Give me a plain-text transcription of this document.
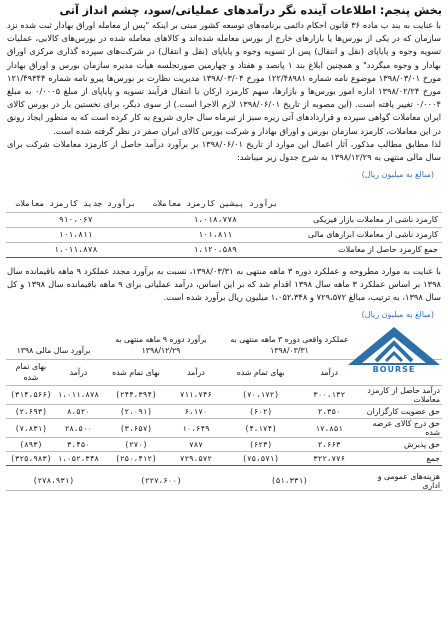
بخش پنجم: اطلاعات آینده نگر درآمدهای عملیاتی/سود، چشم انداز آتی

با عنایت به بند ب ماده ۳۶ قانون احکام دائمی برنامه‌های توسعه کشور مبنی بر اینکه "پس از معامله اوراق بهادار ثبت شده نزد سازمان که در یکی از بورس‌ها یا بازارهای خارج از بورس معامله شده‌اند و کالاهای معامله شده در بورس‌های کالایی، عملیات تسویه وجوه و پایاپای (نقل و انتقال) پس از تسویه وجوه و پایاپای (نقل و انتقال) در شرکت‌های سپرده گذاری مرکزی اوراق بهادار و وجوه میگردد" و همچنین ابلاغ بند ۱ پانصد و هفتاد و چهارمین صورتجلسه هیأت مدیره سازمان بورس و اوراق بهادار مورخ ۱۳۹۸/۰۳/۰۱ موضوع نامه شماره ۱۲۲/۴۸۹۸۱ مورخ ۱۳۹۸/۰۳/۰۴ مدیریت نظارت بر بورس‌ها پیرو نامه شماره ۱۲۱/۴۹۳۴۴ مورخ ۱۳۹۸/۰۲/۲۴ اداره امور بورس‌ها و بازارها، سهم کارمزد ارکان با انتقال فرآیند تسویه و پایاپای از مبلغ ۰/۰۰۰۵ به مبلغ ۰/۰۰۰۴ تغییر یافته است. (این مصوبه از تاریخ ۱۳۹۸/۰۶/۰۱ لازم الاجرا است.) از سوی دیگر، برای نخستین بار در بورس کالای ایران معاملات گواهی سپرده و قراردادهای آتی زیره سبز از تیرماه سال جاری شروع به کار کرده است که به منظور ایجاد رونق در این معاملات، کارمزد سازمان بورس و اوراق بهادار و شرکت بورس کالای ایران صفر در نظر گرفته شده است.

لذا مطابق مطالب مذکور، آثار اعمال این موارد از تاریخ ۱۳۹۸/۰۶/۰۱ بر برآورد درآمد حاصل از کارمزد معاملات شرکت برای سال مالی منتهی به ۱۳۹۸/۱۲/۲۹ به شرح جدول زیر میباشد:

(مبالغ به میلیون ریال)
	برآورد پیشین کارمزد معاملات	برآورد جدید کارمزد معاملات
کارمزد ناشی از معاملات بازار فیزیکی	۱،۰۱۸،۷۷۸	۹۱۰،۰۶۷
کارمزد ناشی از معاملات ابزارهای مالی	۱۰۱،۸۱۱	۱۰۱،۸۱۱
جمع کارمزد حاصل از معاملات	۱،۱۲۰،۵۸۹	۱،۰۱۱،۸۷۸

با عنایت به موارد مطروحه و عملکرد دوره ۳ ماهه منتهی به ۱۳۹۸/۰۳/۳۱، نسبت به برآورد مجدد عملکرد ۹ ماهه باقیمانده سال ۱۳۹۸ بر اساس عملکرد ۳ ماهه سال ۱۳۹۸ اقدام شد که بر این اساس، درآمد عملیاتی برای ۹ ماهه باقیمانده سال ۱۳۹۸ و کل سال ۱۳۹۸، به ترتیب، مبالغ ۷۲۹،۵۷۲ و ۱،۰۵۲،۳۴۸ میلیون ریال برآورد شده است.

(مبالغ به میلیون ریال)
BOURSE
	عملکرد واقعی دوره ۳ ماهه منتهی به ۱۳۹۸/۰۳/۳۱		برآورد دوره ۹ ماهه منتهی به ۱۳۹۸/۱۲/۲۹		برآورد سال مالی ۱۳۹۸	
	درآمد	بهای تمام شده	درآمد	بهای تمام شده	درآمد	بهای تمام شده
درآمد حاصل از کارمزد معاملات	۳۰۰،۱۳۲	(۷۰،۱۷۲)	۷۱۱،۷۴۶	(۲۴۴،۳۹۴)	۱،۰۱۱،۸۷۸	(۳۱۴،۵۶۶)
حق عضویت کارگزاران	۲،۳۵۰	(۶۰۲)	۶،۱۷۰	(۲،۰۹۱)	۸،۵۲۰	(۲،۶۹۳)
حق درج کالای عرضه شده	۱۷،۸۵۱	(۴،۱۷۴)	۱۰،۶۴۹	(۳،۶۵۷)	۲۸،۵۰۰	(۷،۸۳۱)
حق پذیرش	۲،۶۶۳	(۶۲۳)	۷۸۷	(۲۷۰)	۳،۴۵۰	(۸۹۳)
جمع	۳۲۲،۷۷۶	(۷۵،۵۷۱)	۷۲۹،۵۷۲	(۲۵۰،۴۱۲)	۱،۰۵۲،۳۴۸	(۳۲۵،۹۸۳)

هزینه‌های عمومی و اداری	(۵۱،۳۳۱)		(۲۲۷،۶۰۰)		(۲۷۸،۹۳۱)	
